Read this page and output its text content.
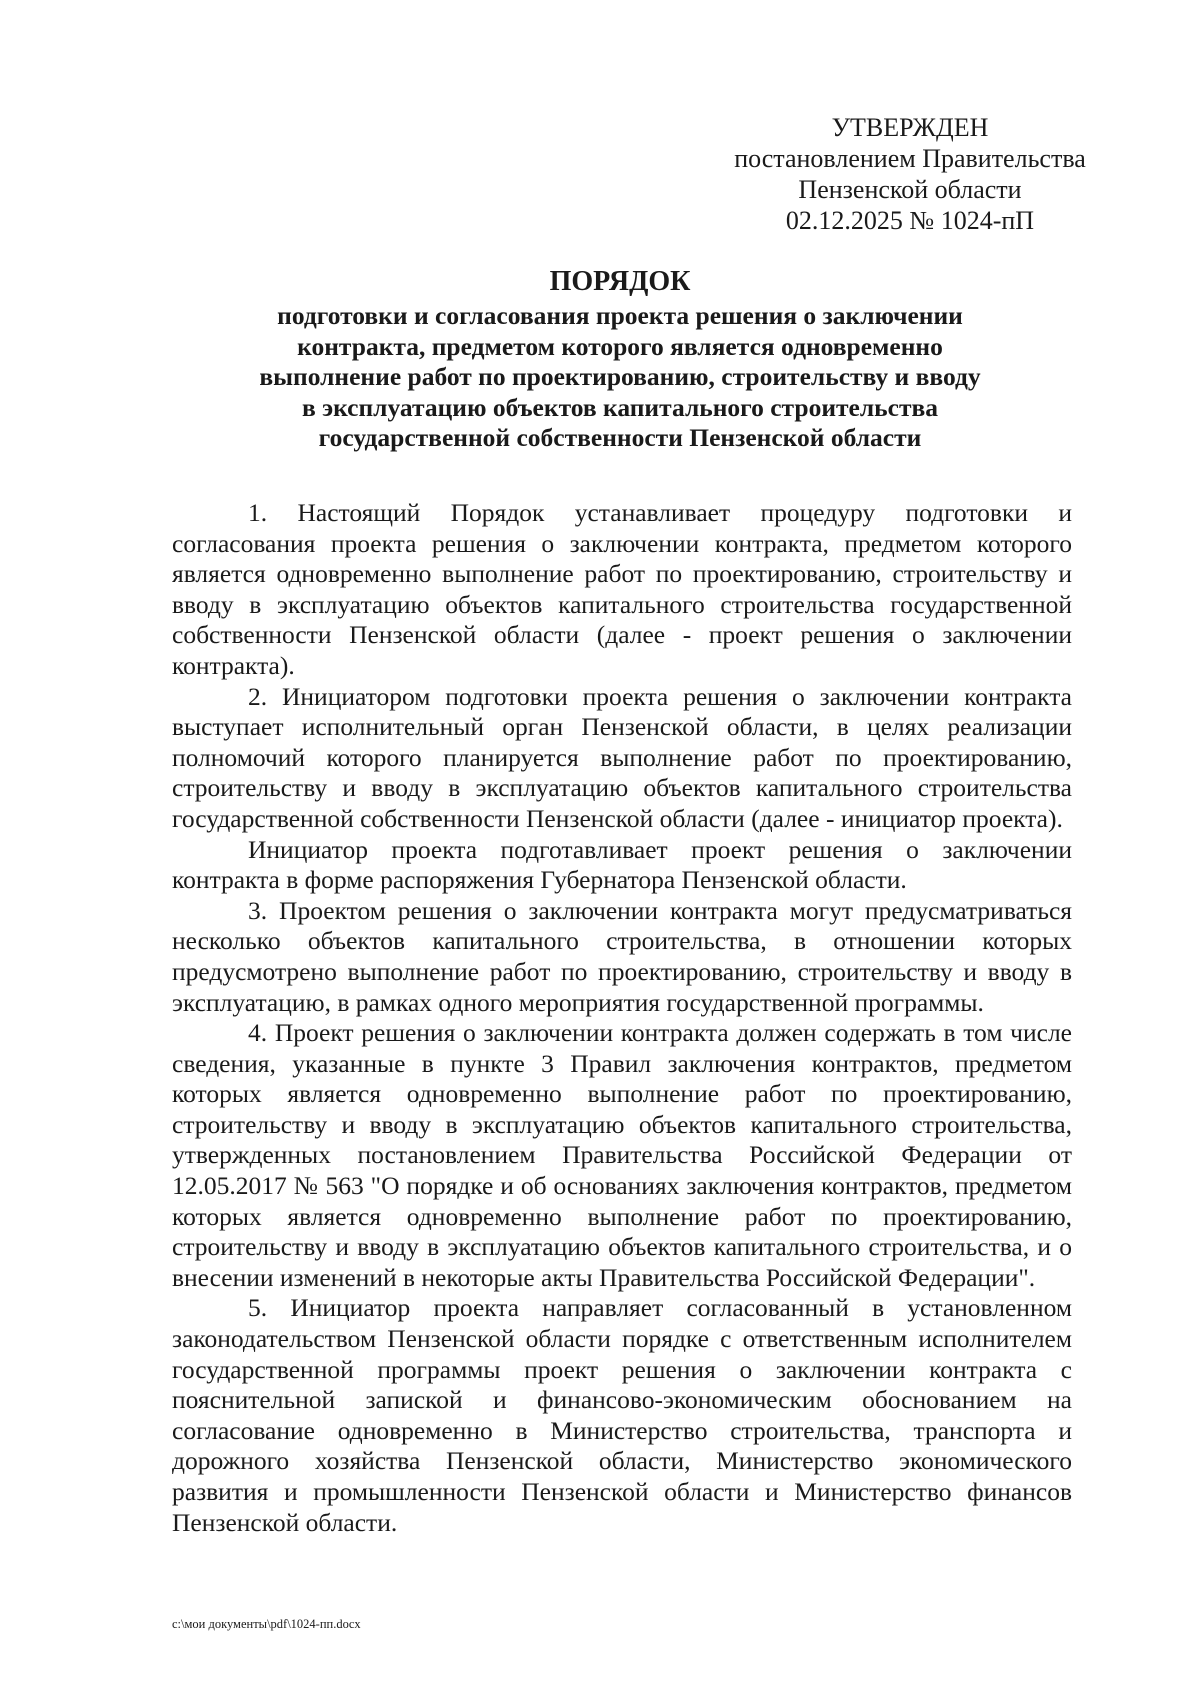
УТВЕРЖДЕН
постановлением Правительства
Пензенской области
02.12.2025 № 1024-пП
ПОРЯДОК
подготовки и согласования проекта решения о заключении
контракта, предметом которого является одновременно
выполнение работ по проектированию, строительству и вводу
в эксплуатацию объектов капитального строительства
государственной собственности Пензенской области

1. Настоящий Порядок устанавливает процедуру подготовки и согласования проекта решения о заключении контракта, предметом которого является одновременно выполнение работ по проектированию, строительству и вводу в эксплуатацию объектов капитального строительства государственной собственности Пензенской области (далее - проект решения о заключении контракта).

2. Инициатором подготовки проекта решения о заключении контракта выступает исполнительный орган Пензенской области, в целях реализации полномочий которого планируется выполнение работ по проектированию, строительству и вводу в эксплуатацию объектов капитального строительства государственной собственности Пензенской области (далее - инициатор проекта).

Инициатор проекта подготавливает проект решения о заключении контракта в форме распоряжения Губернатора Пензенской области.

3. Проектом решения о заключении контракта могут предусматриваться несколько объектов капитального строительства, в отношении которых предусмотрено выполнение работ по проектированию, строительству и вводу в эксплуатацию, в рамках одного мероприятия государственной программы.

4. Проект решения о заключении контракта должен содержать в том числе сведения, указанные в пункте 3 Правил заключения контрактов, предметом которых является одновременно выполнение работ по проектированию, строительству и вводу в эксплуатацию объектов капитального строительства, утвержденных постановлением Правительства Российской Федерации от 12.05.2017 № 563 "О порядке и об основаниях заключения контрактов, предметом которых является одновременно выполнение работ по проектированию, строительству и вводу в эксплуатацию объектов капитального строительства, и о внесении изменений в некоторые акты Правительства Российской Федерации".

5. Инициатор проекта направляет согласованный в установленном законодательством Пензенской области порядке с ответственным исполнителем государственной программы проект решения о заключении контракта с пояснительной запиской и финансово-экономическим обоснованием на согласование одновременно в Министерство строительства, транспорта и дорожного хозяйства Пензенской области, Министерство экономического развития и промышленности Пензенской области и Министерство финансов Пензенской области.

c:\мои документы\pdf\1024-пп.docx
